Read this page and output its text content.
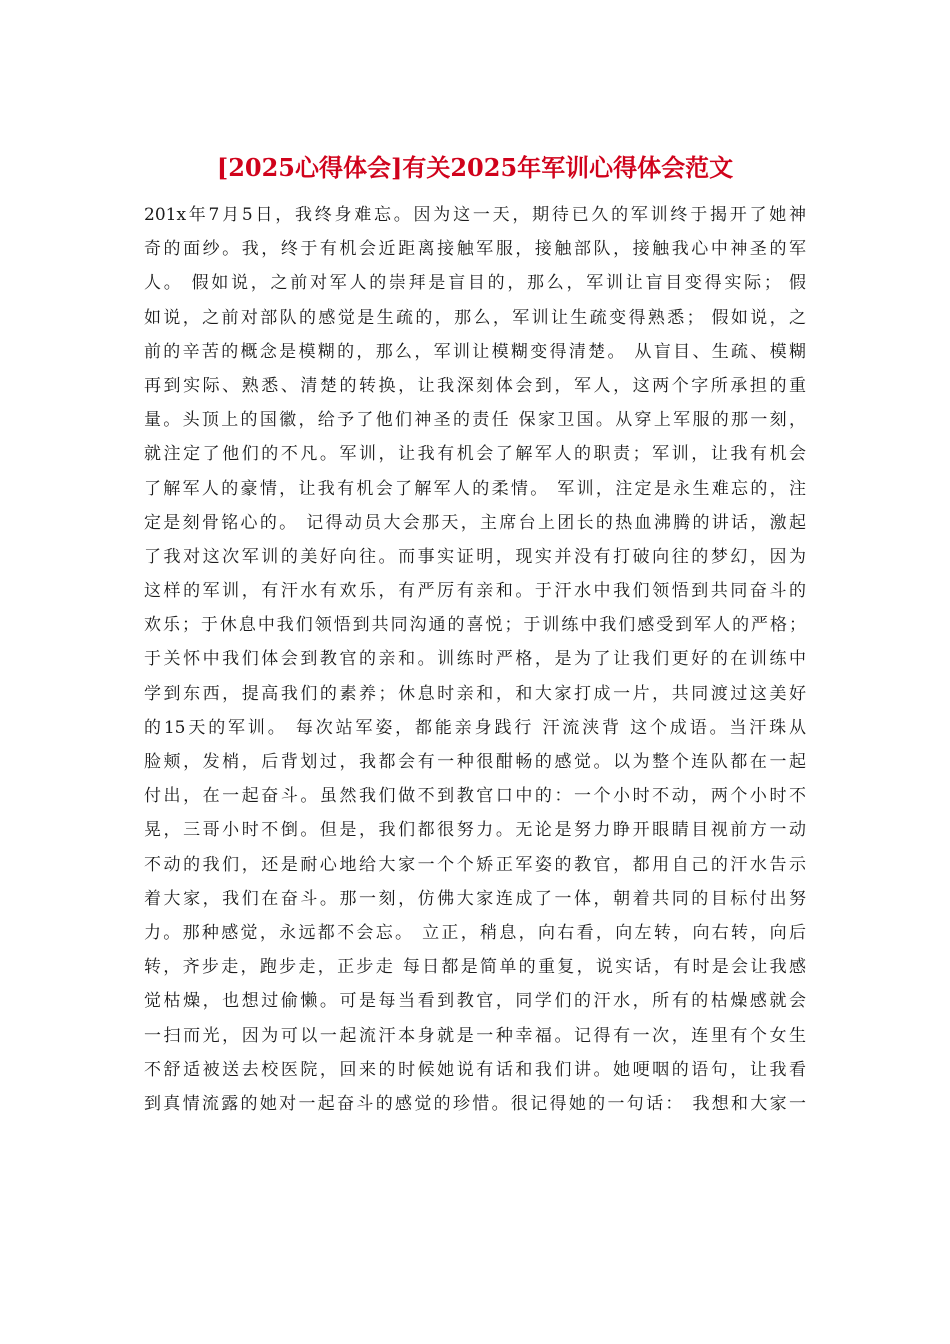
[2025心得体会]有关2025年军训心得体会范文
201x年7月5日，我终身难忘。因为这一天，期待已久的军训终于揭开了她神
奇的面纱。我，终于有机会近距离接触军服，接触部队，接触我心中神圣的军
人。 假如说，之前对军人的崇拜是盲目的，那么，军训让盲目变得实际； 假
如说，之前对部队的感觉是生疏的，那么，军训让生疏变得熟悉； 假如说，之
前的辛苦的概念是模糊的，那么，军训让模糊变得清楚。 从盲目、生疏、模糊
再到实际、熟悉、清楚的转换，让我深刻体会到，军人，这两个字所承担的重
量。头顶上的国徽，给予了他们神圣的责任 保家卫国。从穿上军服的那一刻，
就注定了他们的不凡。军训，让我有机会了解军人的职责；军训，让我有机会
了解军人的豪情，让我有机会了解军人的柔情。 军训，注定是永生难忘的，注
定是刻骨铭心的。 记得动员大会那天，主席台上团长的热血沸腾的讲话，激起
了我对这次军训的美好向往。而事实证明，现实并没有打破向往的梦幻，因为
这样的军训，有汗水有欢乐，有严厉有亲和。于汗水中我们领悟到共同奋斗的
欢乐；于休息中我们领悟到共同沟通的喜悦；于训练中我们感受到军人的严格；
于关怀中我们体会到教官的亲和。训练时严格，是为了让我们更好的在训练中
学到东西，提高我们的素养；休息时亲和，和大家打成一片，共同渡过这美好
的15天的军训。 每次站军姿，都能亲身践行 汗流浃背 这个成语。当汗珠从
脸颊，发梢，后背划过，我都会有一种很酣畅的感觉。以为整个连队都在一起
付出，在一起奋斗。虽然我们做不到教官口中的：一个小时不动，两个小时不
晃，三哥小时不倒。但是，我们都很努力。无论是努力睁开眼睛目视前方一动
不动的我们，还是耐心地给大家一个个矫正军姿的教官，都用自己的汗水告示
着大家，我们在奋斗。那一刻，仿佛大家连成了一体，朝着共同的目标付出努
力。那种感觉，永远都不会忘。 立正，稍息，向右看，向左转，向右转，向后
转，齐步走，跑步走，正步走 每日都是简单的重复，说实话，有时是会让我感
觉枯燥，也想过偷懒。可是每当看到教官，同学们的汗水，所有的枯燥感就会
一扫而光，因为可以一起流汗本身就是一种幸福。记得有一次，连里有个女生
不舒适被送去校医院，回来的时候她说有话和我们讲。她哽咽的语句，让我看
到真情流露的她对一起奋斗的感觉的珍惜。很记得她的一句话： 我想和大家一
